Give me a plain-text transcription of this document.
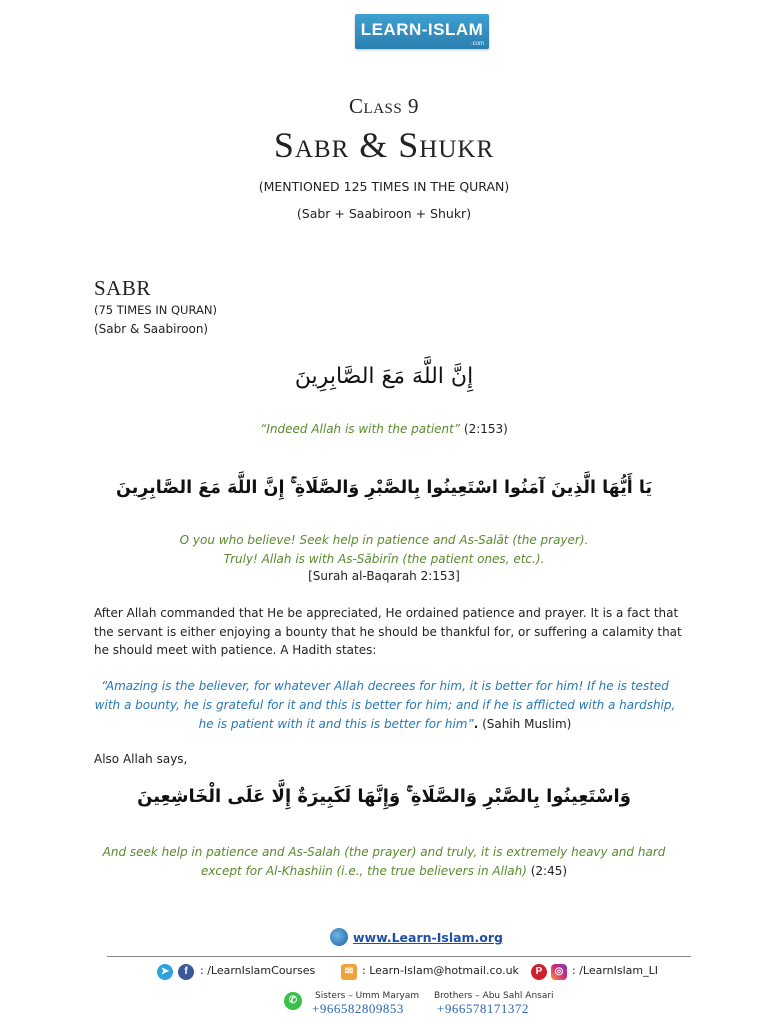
LEARN-ISLAM
.com
Class 9
Sabr & Shukr
(MENTIONED 125 TIMES IN THE QURAN)
(Sabr + Saabiroon + Shukr)
SABR
(75 TIMES IN QURAN)
(Sabr & Saabiroon)
إِنَّ اللَّهَ مَعَ الصَّابِرِينَ
“Indeed Allah is with the patient” (2:153)
يَا أَيُّهَا الَّذِينَ آمَنُوا اسْتَعِينُوا بِالصَّبْرِ وَالصَّلَاةِ ۚ إِنَّ اللَّهَ مَعَ الصَّابِرِينَ
O you who believe! Seek help in patience and As-Salāt (the prayer).
Truly! Allah is with As-Sābirīn (the patient ones, etc.).
[Surah al-Baqarah 2:153]
After Allah commanded that He be appreciated, He ordained patience and prayer. It is a fact that the servant is either enjoying a bounty that he should be thankful for, or suffering a calamity that he should meet with patience. A Hadith states:
“Amazing is the believer, for whatever Allah decrees for him, it is better for him! If he is tested with a bounty, he is grateful for it and this is better for him; and if he is afflicted with a hardship, he is patient with it and this is better for him”. (Sahih Muslim)
Also Allah says,
وَاسْتَعِينُوا بِالصَّبْرِ وَالصَّلَاةِ ۚ وَإِنَّهَا لَكَبِيرَةٌ إِلَّا عَلَى الْخَاشِعِينَ
And seek help in patience and As-Salah (the prayer) and truly, it is extremely heavy and hard except for Al-Khashiin (i.e., the true believers in Allah) (2:45)
www.Learn-Islam.org
➤	f	: /LearnIslamCourses	✉ : Learn-Islam@hotmail.co.uk	P	◎ : /LearnIslam_LI
✆	Sisters – Umm Maryam
+966582809853
Brothers – Abu Sahl Ansari
+966578171372
